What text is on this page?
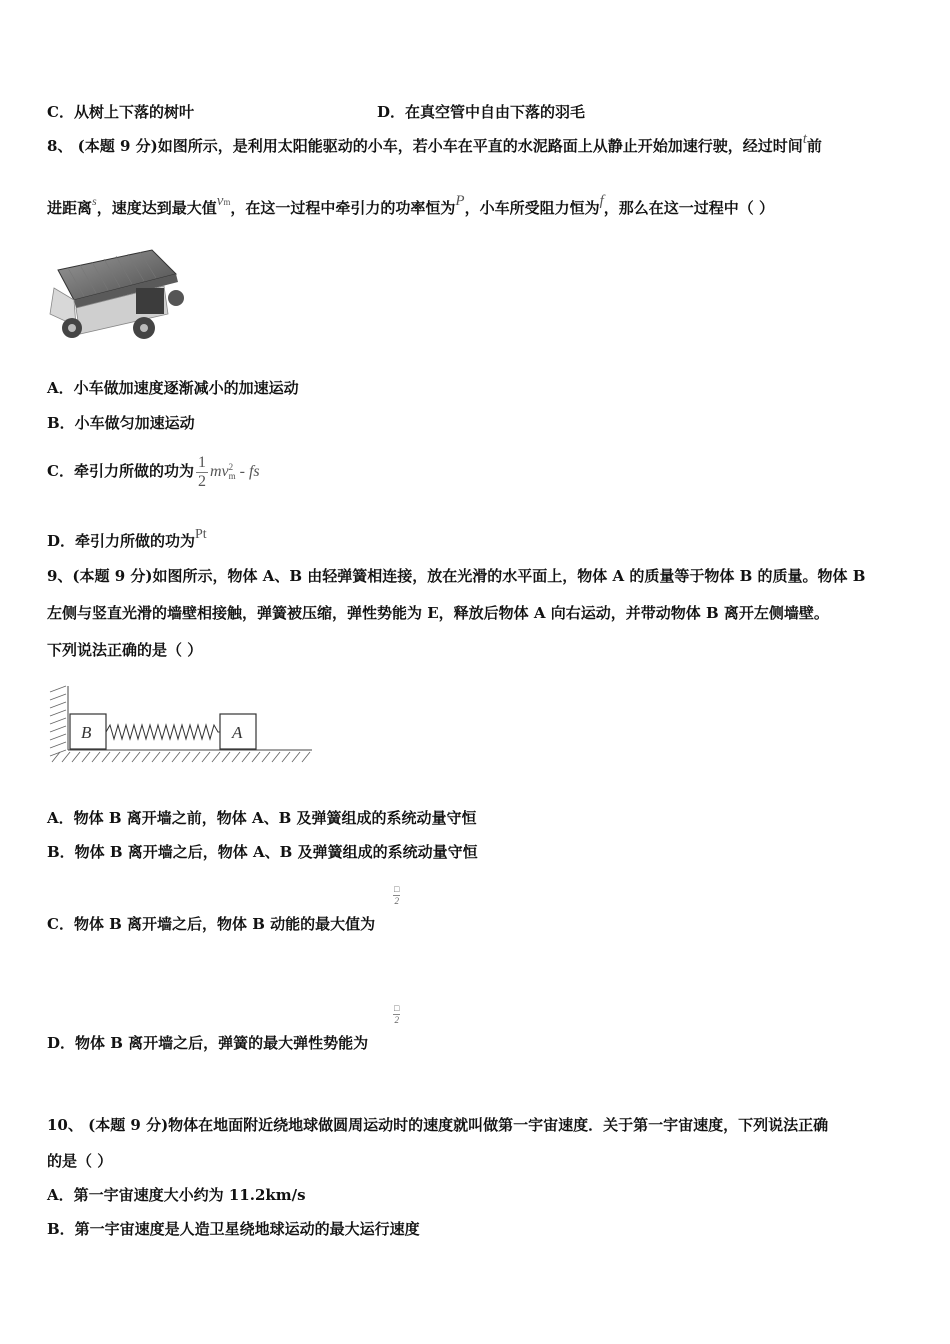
C．从树上下落的树叶	D．在真空管中自由下落的羽毛
8、 (本题 9 分)如图所示，是利用太阳能驱动的小车，若小车在平直的水泥路面上从静止开始加速行驶，经过时间t前
进距离$^s$，速度达到最大值vm，在这一过程中牵引力的功率恒为P，小车所受阻力恒为f，那么在这一过程中（ ）
A．小车做加速度逐渐减小的加速运动
B．小车做匀加速运动
C．牵引力所做的功为 $\frac{1}{2}$ mv 2
m - fs
D．牵引力所做的功为Pt
9、(本题 9 分)如图所示，物体 A、B 由轻弹簧相连接，放在光滑的水平面上，物体 A 的质量等于物体 B 的质量。物体 B
左侧与竖直光滑的墙壁相接触，弹簧被压缩，弹性势能为 E，释放后物体 A 向右运动，并带动物体 B 离开左侧墙壁。
下列说法正确的是（ ）
B	A
A．物体 B 离开墙之前，物体 A、B 及弹簧组成的系统动量守恒
B．物体 B 离开墙之后，物体 A、B 及弹簧组成的系统动量守恒
C．物体 B 离开墙之后，物体 B 动能的最大值为
□
2
D．物体 B 离开墙之后，弹簧的最大弹性势能为
□
2
10、 (本题 9 分)物体在地面附近绕地球做圆周运动时的速度就叫做第一宇宙速度．关于第一宇宙速度，下列说法正确
的是（ ）
A．第一宇宙速度大小约为 11.2km/s
B．第一宇宙速度是人造卫星绕地球运动的最大运行速度
